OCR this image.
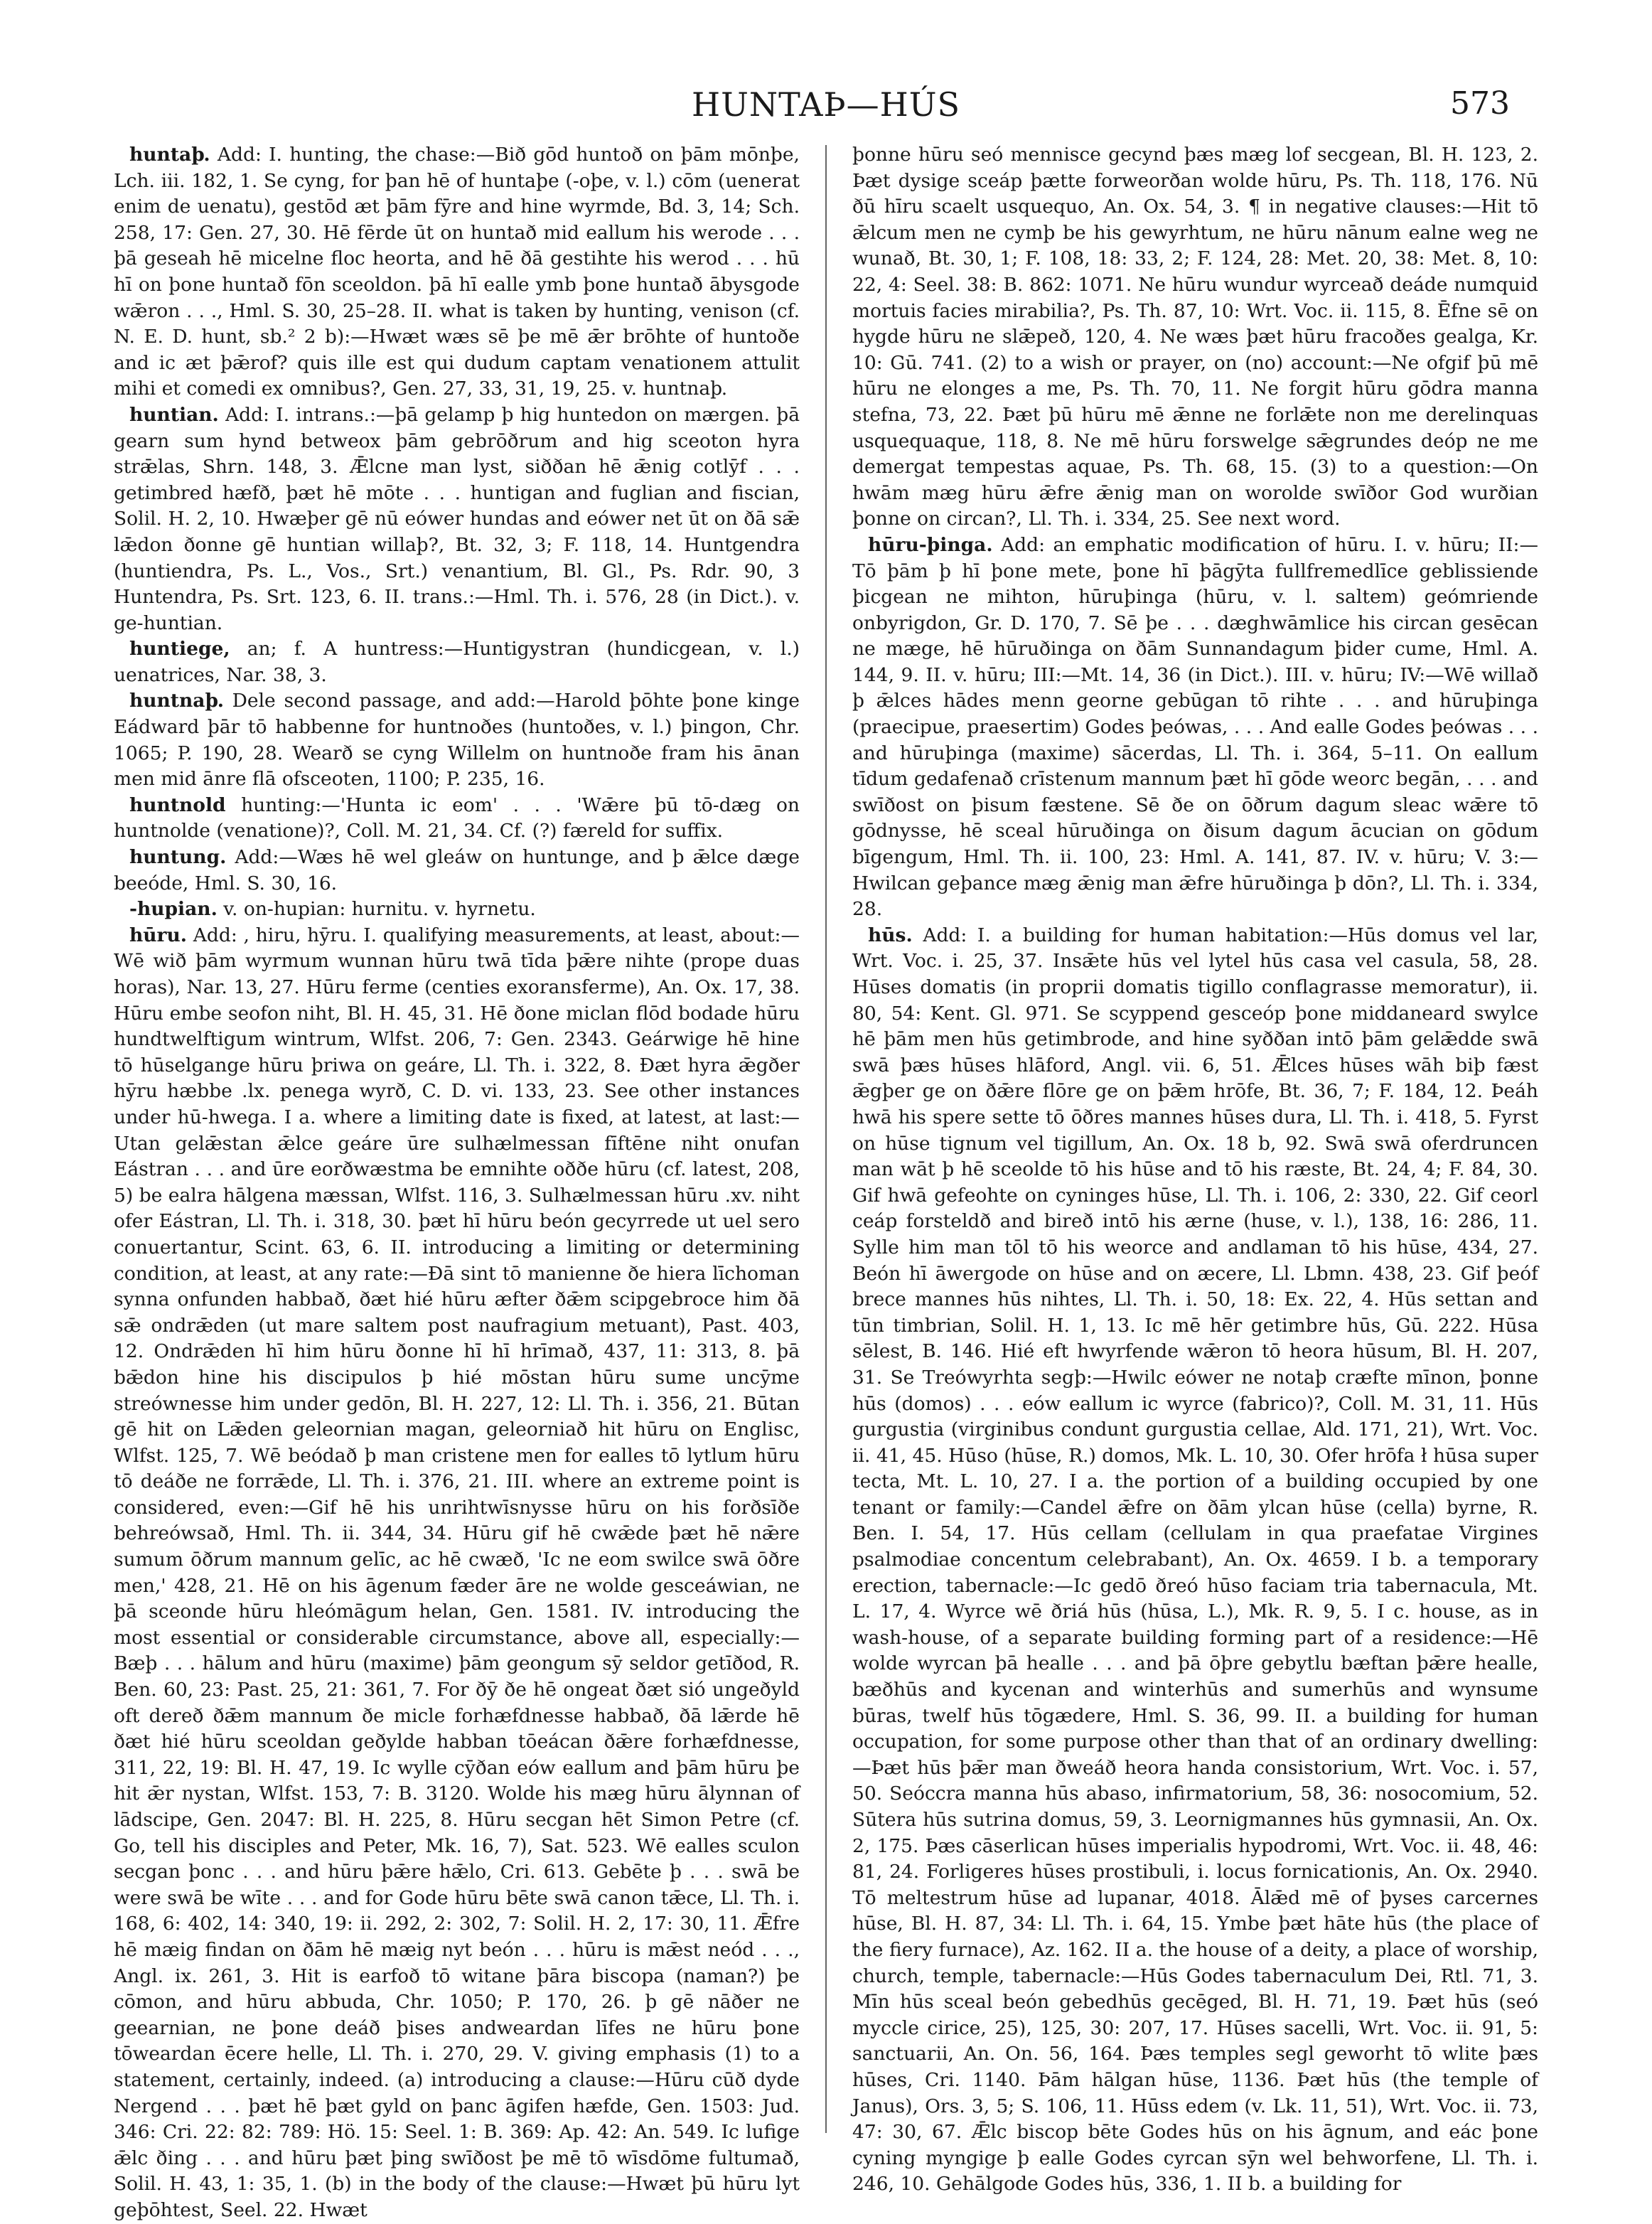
HUNTAÞ—HÚS	573

huntaþ. Add: I. hunting, the chase:—Bið gōd huntoð on þām mōnþe, Lch. iii. 182, 1. Se cyng, for þan hē of huntaþe (-oþe, v. l.) cōm (uenerat enim de uenatu), gestōd æt þām fȳre and hine wyrmde, Bd. 3, 14; Sch. 258, 17: Gen. 27, 30. Hē fērde ūt on huntað mid eallum his werode . . . þā geseah hē micelne floc heorta, and hē ðā gestihte his werod . . . hū hī on þone huntað fōn sceoldon. þā hī ealle ymb þone huntað ābysgode wǣron . . ., Hml. S. 30, 25–28. II. what is taken by hunting, venison (cf. N. E. D. hunt, sb.² 2 b):—Hwæt wæs sē þe mē ǣr brōhte of huntoðe and ic æt þǣrof? quis ille est qui dudum captam venationem attulit mihi et comedi ex omnibus?, Gen. 27, 33, 31, 19, 25. v. huntnaþ.

huntian. Add: I. intrans.:—þā gelamp þ hig huntedon on mærgen. þā gearn sum hynd betweox þām gebrōðrum and hig sceoton hyra strǣlas, Shrn. 148, 3. Ǣlcne man lyst, siððan hē ǣnig cotlȳf . . . getimbred hæfð, þæt hē mōte . . . huntigan and fuglian and fiscian, Solil. H. 2, 10. Hwæþer gē nū eówer hundas and eówer net ūt on ðā sǣ lǣdon ðonne gē huntian willaþ?, Bt. 32, 3; F. 118, 14. Huntgendra (huntiendra, Ps. L., Vos., Srt.) venantium, Bl. Gl., Ps. Rdr. 90, 3 Huntendra, Ps. Srt. 123, 6. II. trans.:—Hml. Th. i. 576, 28 (in Dict.). v. ge-huntian.

huntiege, an; f. A huntress:—Huntigystran (hundicgean, v. l.) uenatrices, Nar. 38, 3.

huntnaþ. Dele second passage, and add:—Harold þōhte þone kinge Eádward þār tō habbenne for huntnoðes (huntoðes, v. l.) þingon, Chr. 1065; P. 190, 28. Wearð se cyng Willelm on huntnoðe fram his ānan men mid ānre flā ofsceoten, 1100; P. 235, 16.

huntnold hunting:—'Hunta ic eom' . . . 'Wǣre þū tō-dæg on huntnolde (venatione)?, Coll. M. 21, 34. Cf. (?) færeld for suffix.

huntung. Add:—Wæs hē wel gleáw on huntunge, and þ ǣlce dæge beeóde, Hml. S. 30, 16.

-hupian. v. on-hupian: hurnitu. v. hyrnetu.

hūru. Add: , hiru, hȳru. I. qualifying measurements, at least, about:—Wē wið þām wyrmum wunnan hūru twā tīda þǣre nihte (prope duas horas), Nar. 13, 27. Hūru ferme (centies exoransferme), An. Ox. 17, 38. Hūru embe seofon niht, Bl. H. 45, 31. Hē ðone miclan flōd bodade hūru hundtwelftigum wintrum, Wlfst. 206, 7: Gen. 2343. Geárwige hē hine tō hūselgange hūru þriwa on geáre, Ll. Th. i. 322, 8. Ðæt hyra ǣgðer hȳru hæbbe .lx. penega wyrð, C. D. vi. 133, 23. See other instances under hū-hwega. I a. where a limiting date is fixed, at latest, at last:—Utan gelǣstan ǣlce geáre ūre sulhælmessan fīftēne niht onufan Eástran . . . and ūre eorðwæstma be emnihte oððe hūru (cf. latest, 208, 5) be ealra hālgena mæssan, Wlfst. 116, 3. Sulhælmessan hūru .xv. niht ofer Eástran, Ll. Th. i. 318, 30. þæt hī hūru beón gecyrrede ut uel sero conuertantur, Scint. 63, 6. II. introducing a limiting or determining condition, at least, at any rate:—Ðā sint tō manienne ðe hiera līchoman synna onfunden habbað, ðæt hié hūru æfter ðǣm scipgebroce him ðā sǣ ondrǣden (ut mare saltem post naufragium metuant), Past. 403, 12. Ondrǣden hī him hūru ðonne hī hī hrīmað, 437, 11: 313, 8. þā bǣdon hine his discipulos þ hié mōstan hūru sume uncȳme streównesse him under gedōn, Bl. H. 227, 12: Ll. Th. i. 356, 21. Būtan gē hit on Lǣden geleornian magan, geleorniað hit hūru on Englisc, Wlfst. 125, 7. Wē beódað þ man cristene men for ealles tō lytlum hūru tō deáðe ne forrǣde, Ll. Th. i. 376, 21. III. where an extreme point is considered, even:—Gif hē his unrihtwīsnysse hūru on his forðsīðe behreówsað, Hml. Th. ii. 344, 34. Hūru gif hē cwǣde þæt hē nǣre sumum ōðrum mannum gelīc, ac hē cwæð, 'Ic ne eom swilce swā ōðre men,' 428, 21. Hē on his āgenum fæder āre ne wolde gesceáwian, ne þā sceonde hūru hleómāgum helan, Gen. 1581. IV. introducing the most essential or considerable circumstance, above all, especially:—Bæþ . . . hālum and hūru (maxime) þām geongum sȳ seldor getīðod, R. Ben. 60, 23: Past. 25, 21: 361, 7. For ðȳ ðe hē ongeat ðæt sió ungeðyld oft dereð ðǣm mannum ðe micle forhæfdnesse habbað, ðā lǣrde hē ðæt hié hūru sceoldan geðylde habban tōeácan ðǣre forhæfdnesse, 311, 22, 19: Bl. H. 47, 19. Ic wylle cȳðan eów eallum and þām hūru þe hit ǣr nystan, Wlfst. 153, 7: B. 3120. Wolde his mæg hūru ālynnan of lādscipe, Gen. 2047: Bl. H. 225, 8. Hūru secgan hēt Simon Petre (cf. Go, tell his disciples and Peter, Mk. 16, 7), Sat. 523. Wē ealles sculon secgan þonc . . . and hūru þǣre hǣlo, Cri. 613. Gebēte þ . . . swā be were swā be wīte . . . and for Gode hūru bēte swā canon tǣce, Ll. Th. i. 168, 6: 402, 14: 340, 19: ii. 292, 2: 302, 7: Solil. H. 2, 17: 30, 11. Ǣfre hē mæig findan on ðām hē mæig nyt beón . . . hūru is mǣst neód . . ., Angl. ix. 261, 3. Hit is earfoð tō witane þāra biscopa (naman?) þe cōmon, and hūru abbuda, Chr. 1050; P. 170, 26. þ gē nāðer ne geearnian, ne þone deáð þises andweardan līfes ne hūru þone tōweardan ēcere helle, Ll. Th. i. 270, 29. V. giving emphasis (1) to a statement, certainly, indeed. (a) introducing a clause:—Hūru cūð dyde Nergend . . . þæt hē þæt gyld on þanc āgifen hæfde, Gen. 1503: Jud. 346: Cri. 22: 82: 789: Hö. 15: Seel. 1: B. 369: Ap. 42: An. 549. Ic lufige ǣlc ðing . . . and hūru þæt þing swīðost þe mē tō wīsdōme fultumað, Solil. H. 43, 1: 35, 1. (b) in the body of the clause:—Hwæt þū hūru lyt geþōhtest, Seel. 22. Hwæt

þonne hūru seó mennisce gecynd þæs mæg lof secgean, Bl. H. 123, 2. Þæt dysige sceáp þætte forweorðan wolde hūru, Ps. Th. 118, 176. Nū ðū hīru scaelt usquequo, An. Ox. 54, 3. ¶ in negative clauses:—Hit tō ǣlcum men ne cymþ be his gewyrhtum, ne hūru nānum ealne weg ne wunað, Bt. 30, 1; F. 108, 18: 33, 2; F. 124, 28: Met. 20, 38: Met. 8, 10: 22, 4: Seel. 38: B. 862: 1071. Ne hūru wundur wyrceað deáde numquid mortuis facies mirabilia?, Ps. Th. 87, 10: Wrt. Voc. ii. 115, 8. Ēfne sē on hygde hūru ne slǣpeð, 120, 4. Ne wæs þæt hūru fracoðes gealga, Kr. 10: Gū. 741. (2) to a wish or prayer, on (no) account:—Ne ofgif þū mē hūru ne elonges a me, Ps. Th. 70, 11. Ne forgit hūru gōdra manna stefna, 73, 22. Þæt þū hūru mē ǣnne ne forlǣte non me derelinquas usquequaque, 118, 8. Ne mē hūru forswelge sǣgrundes deóp ne me demergat tempestas aquae, Ps. Th. 68, 15. (3) to a question:—On hwām mæg hūru ǣfre ǣnig man on worolde swīðor God wurðian þonne on circan?, Ll. Th. i. 334, 25. See next word.

hūru-þinga. Add: an emphatic modification of hūru. I. v. hūru; II:—Tō þām þ hī þone mete, þone hī þāgȳta fullfremedlīce geblissiende þicgean ne mihton, hūruþinga (hūru, v. l. saltem) geómriende onbyrigdon, Gr. D. 170, 7. Sē þe . . . dæghwāmlice his circan gesēcan ne mæge, hē hūruðinga on ðām Sunnandagum þider cume, Hml. A. 144, 9. II. v. hūru; III:—Mt. 14, 36 (in Dict.). III. v. hūru; IV:—Wē willað þ ǣlces hādes menn georne gebūgan tō rihte . . . and hūruþinga (praecipue, praesertim) Godes þeówas, . . . And ealle Godes þeówas . . . and hūruþinga (maxime) sācerdas, Ll. Th. i. 364, 5–11. On eallum tīdum gedafenað crīstenum mannum þæt hī gōde weorc begān, . . . and swīðost on þisum fæstene. Sē ðe on ōðrum dagum sleac wǣre tō gōdnysse, hē sceal hūruðinga on ðisum dagum ācucian on gōdum bīgengum, Hml. Th. ii. 100, 23: Hml. A. 141, 87. IV. v. hūru; V. 3:—Hwilcan geþance mæg ǣnig man ǣfre hūruðinga þ dōn?, Ll. Th. i. 334, 28.

hūs. Add: I. a building for human habitation:—Hūs domus vel lar, Wrt. Voc. i. 25, 37. Insǣte hūs vel lytel hūs casa vel casula, 58, 28. Hūses domatis (in proprii domatis tigillo conflagrasse memoratur), ii. 80, 54: Kent. Gl. 971. Se scyppend gesceóp þone middaneard swylce hē þām men hūs getimbrode, and hine syððan intō þām gelǣdde swā swā þæs hūses hlāford, Angl. vii. 6, 51. Ǣlces hūses wāh biþ fæst ǣgþer ge on ðǣre flōre ge on þǣm hrōfe, Bt. 36, 7; F. 184, 12. Þeáh hwā his spere sette tō ōðres mannes hūses dura, Ll. Th. i. 418, 5. Fyrst on hūse tignum vel tigillum, An. Ox. 18 b, 92. Swā swā oferdruncen man wāt þ hē sceolde tō his hūse and tō his ræste, Bt. 24, 4; F. 84, 30. Gif hwā gefeohte on cyninges hūse, Ll. Th. i. 106, 2: 330, 22. Gif ceorl ceáp forsteldð and bireð intō his ærne (huse, v. l.), 138, 16: 286, 11. Sylle him man tōl tō his weorce and andlaman tō his hūse, 434, 27. Beón hī āwergode on hūse and on æcere, Ll. Lbmn. 438, 23. Gif þeóf brece mannes hūs nihtes, Ll. Th. i. 50, 18: Ex. 22, 4. Hūs settan and tūn timbrian, Solil. H. 1, 13. Ic mē hēr getimbre hūs, Gū. 222. Hūsa sēlest, B. 146. Hié eft hwyrfende wǣron tō heora hūsum, Bl. H. 207, 31. Se Treówyrhta segþ:—Hwilc eówer ne notaþ cræfte mīnon, þonne hūs (domos) . . . eów eallum ic wyrce (fabrico)?, Coll. M. 31, 11. Hūs gurgustia (virginibus condunt gurgustia cellae, Ald. 171, 21), Wrt. Voc. ii. 41, 45. Hūso (hūse, R.) domos, Mk. L. 10, 30. Ofer hrōfa ł hūsa super tecta, Mt. L. 10, 27. I a. the portion of a building occupied by one tenant or family:—Candel ǣfre on ðām ylcan hūse (cella) byrne, R. Ben. I. 54, 17. Hūs cellam (cellulam in qua praefatae Virgines psalmodiae concentum celebrabant), An. Ox. 4659. I b. a temporary erection, tabernacle:—Ic gedō ðreó hūso faciam tria tabernacula, Mt. L. 17, 4. Wyrce wē ðriá hūs (hūsa, L.), Mk. R. 9, 5. I c. house, as in wash-house, of a separate building forming part of a residence:—Hē wolde wyrcan þā healle . . . and þā ōþre gebytlu bæftan þǣre healle, bæðhūs and kycenan and winterhūs and sumerhūs and wynsume būras, twelf hūs tōgædere, Hml. S. 36, 99. II. a building for human occupation, for some purpose other than that of an ordinary dwelling:—Þæt hūs þǣr man ðweáð heora handa consistorium, Wrt. Voc. i. 57, 50. Seóccra manna hūs abaso, infirmatorium, 58, 36: nosocomium, 52. Sūtera hūs sutrina domus, 59, 3. Leornigmannes hūs gymnasii, An. Ox. 2, 175. Þæs cāserlican hūses imperialis hypodromi, Wrt. Voc. ii. 48, 46: 81, 24. Forligeres hūses prostibuli, i. locus fornicationis, An. Ox. 2940. Tō meltestrum hūse ad lupanar, 4018. Ālǣd mē of þyses carcernes hūse, Bl. H. 87, 34: Ll. Th. i. 64, 15. Ymbe þæt hāte hūs (the place of the fiery furnace), Az. 162. II a. the house of a deity, a place of worship, church, temple, tabernacle:—Hūs Godes tabernaculum Dei, Rtl. 71, 3. Mīn hūs sceal beón gebedhūs gecēged, Bl. H. 71, 19. Þæt hūs (seó myccle cirice, 25), 125, 30: 207, 17. Hūses sacelli, Wrt. Voc. ii. 91, 5: sanctuarii, An. On. 56, 164. Þæs temples segl geworht tō wlite þæs hūses, Cri. 1140. Þām hālgan hūse, 1136. Þæt hūs (the temple of Janus), Ors. 3, 5; S. 106, 11. Hūss edem (v. Lk. 11, 51), Wrt. Voc. ii. 73, 47: 30, 67. Ǣlc biscop bēte Godes hūs on his āgnum, and eác þone cyning myngige þ ealle Godes cyrcan sȳn wel behworfene, Ll. Th. i. 246, 10. Gehālgode Godes hūs, 336, 1. II b. a building for
